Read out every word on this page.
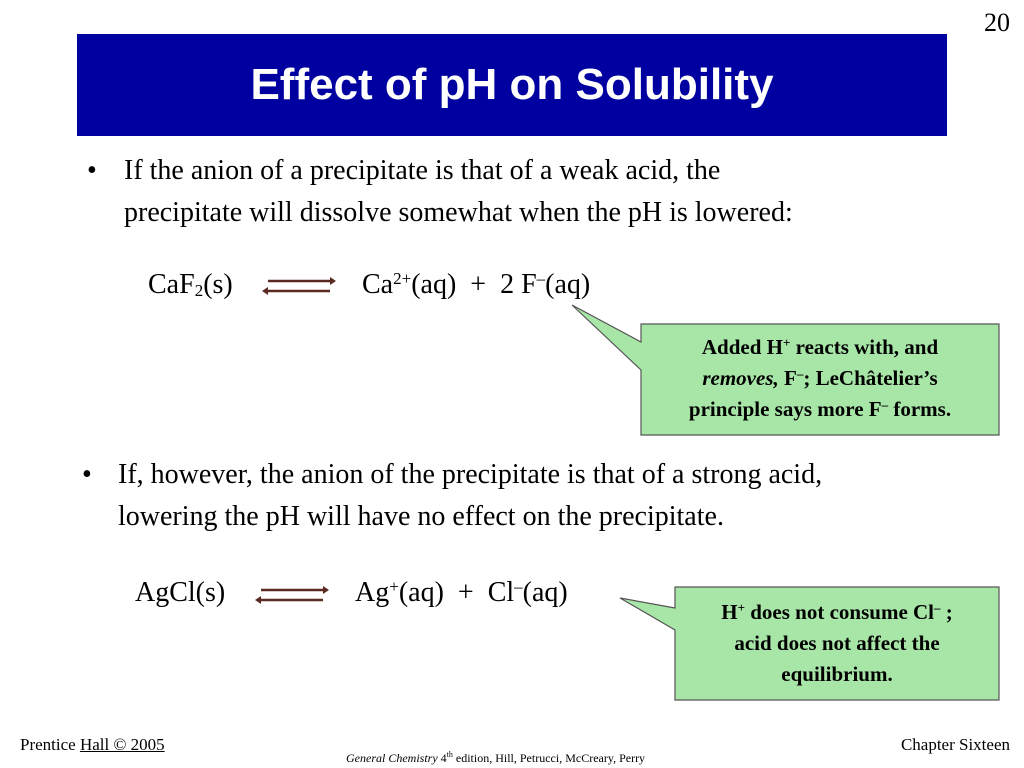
20
Effect of pH on Solubility
• If the anion of a precipitate is that of a weak acid, the
precipitate will dissolve somewhat when the pH is lowered:
CaF$_2$(s)	$Ca^{2+}(aq) + 2$ F–(aq)
Added H+ reacts with, and
removes, F–; LeChâtelier’s
principle says more F– forms.
• If, however, the anion of the precipitate is that of a strong acid,
lowering the pH will have no effect on the precipitate.
AgCl(s)	Ag+(aq) + Cl–(aq)
H+ does not consume Cl– ;
acid does not affect the
equilibrium.
Prentice Hall © 2005
General Chemistry 4th edition, Hill, Petrucci, McCreary, Perry
Chapter Sixteen
